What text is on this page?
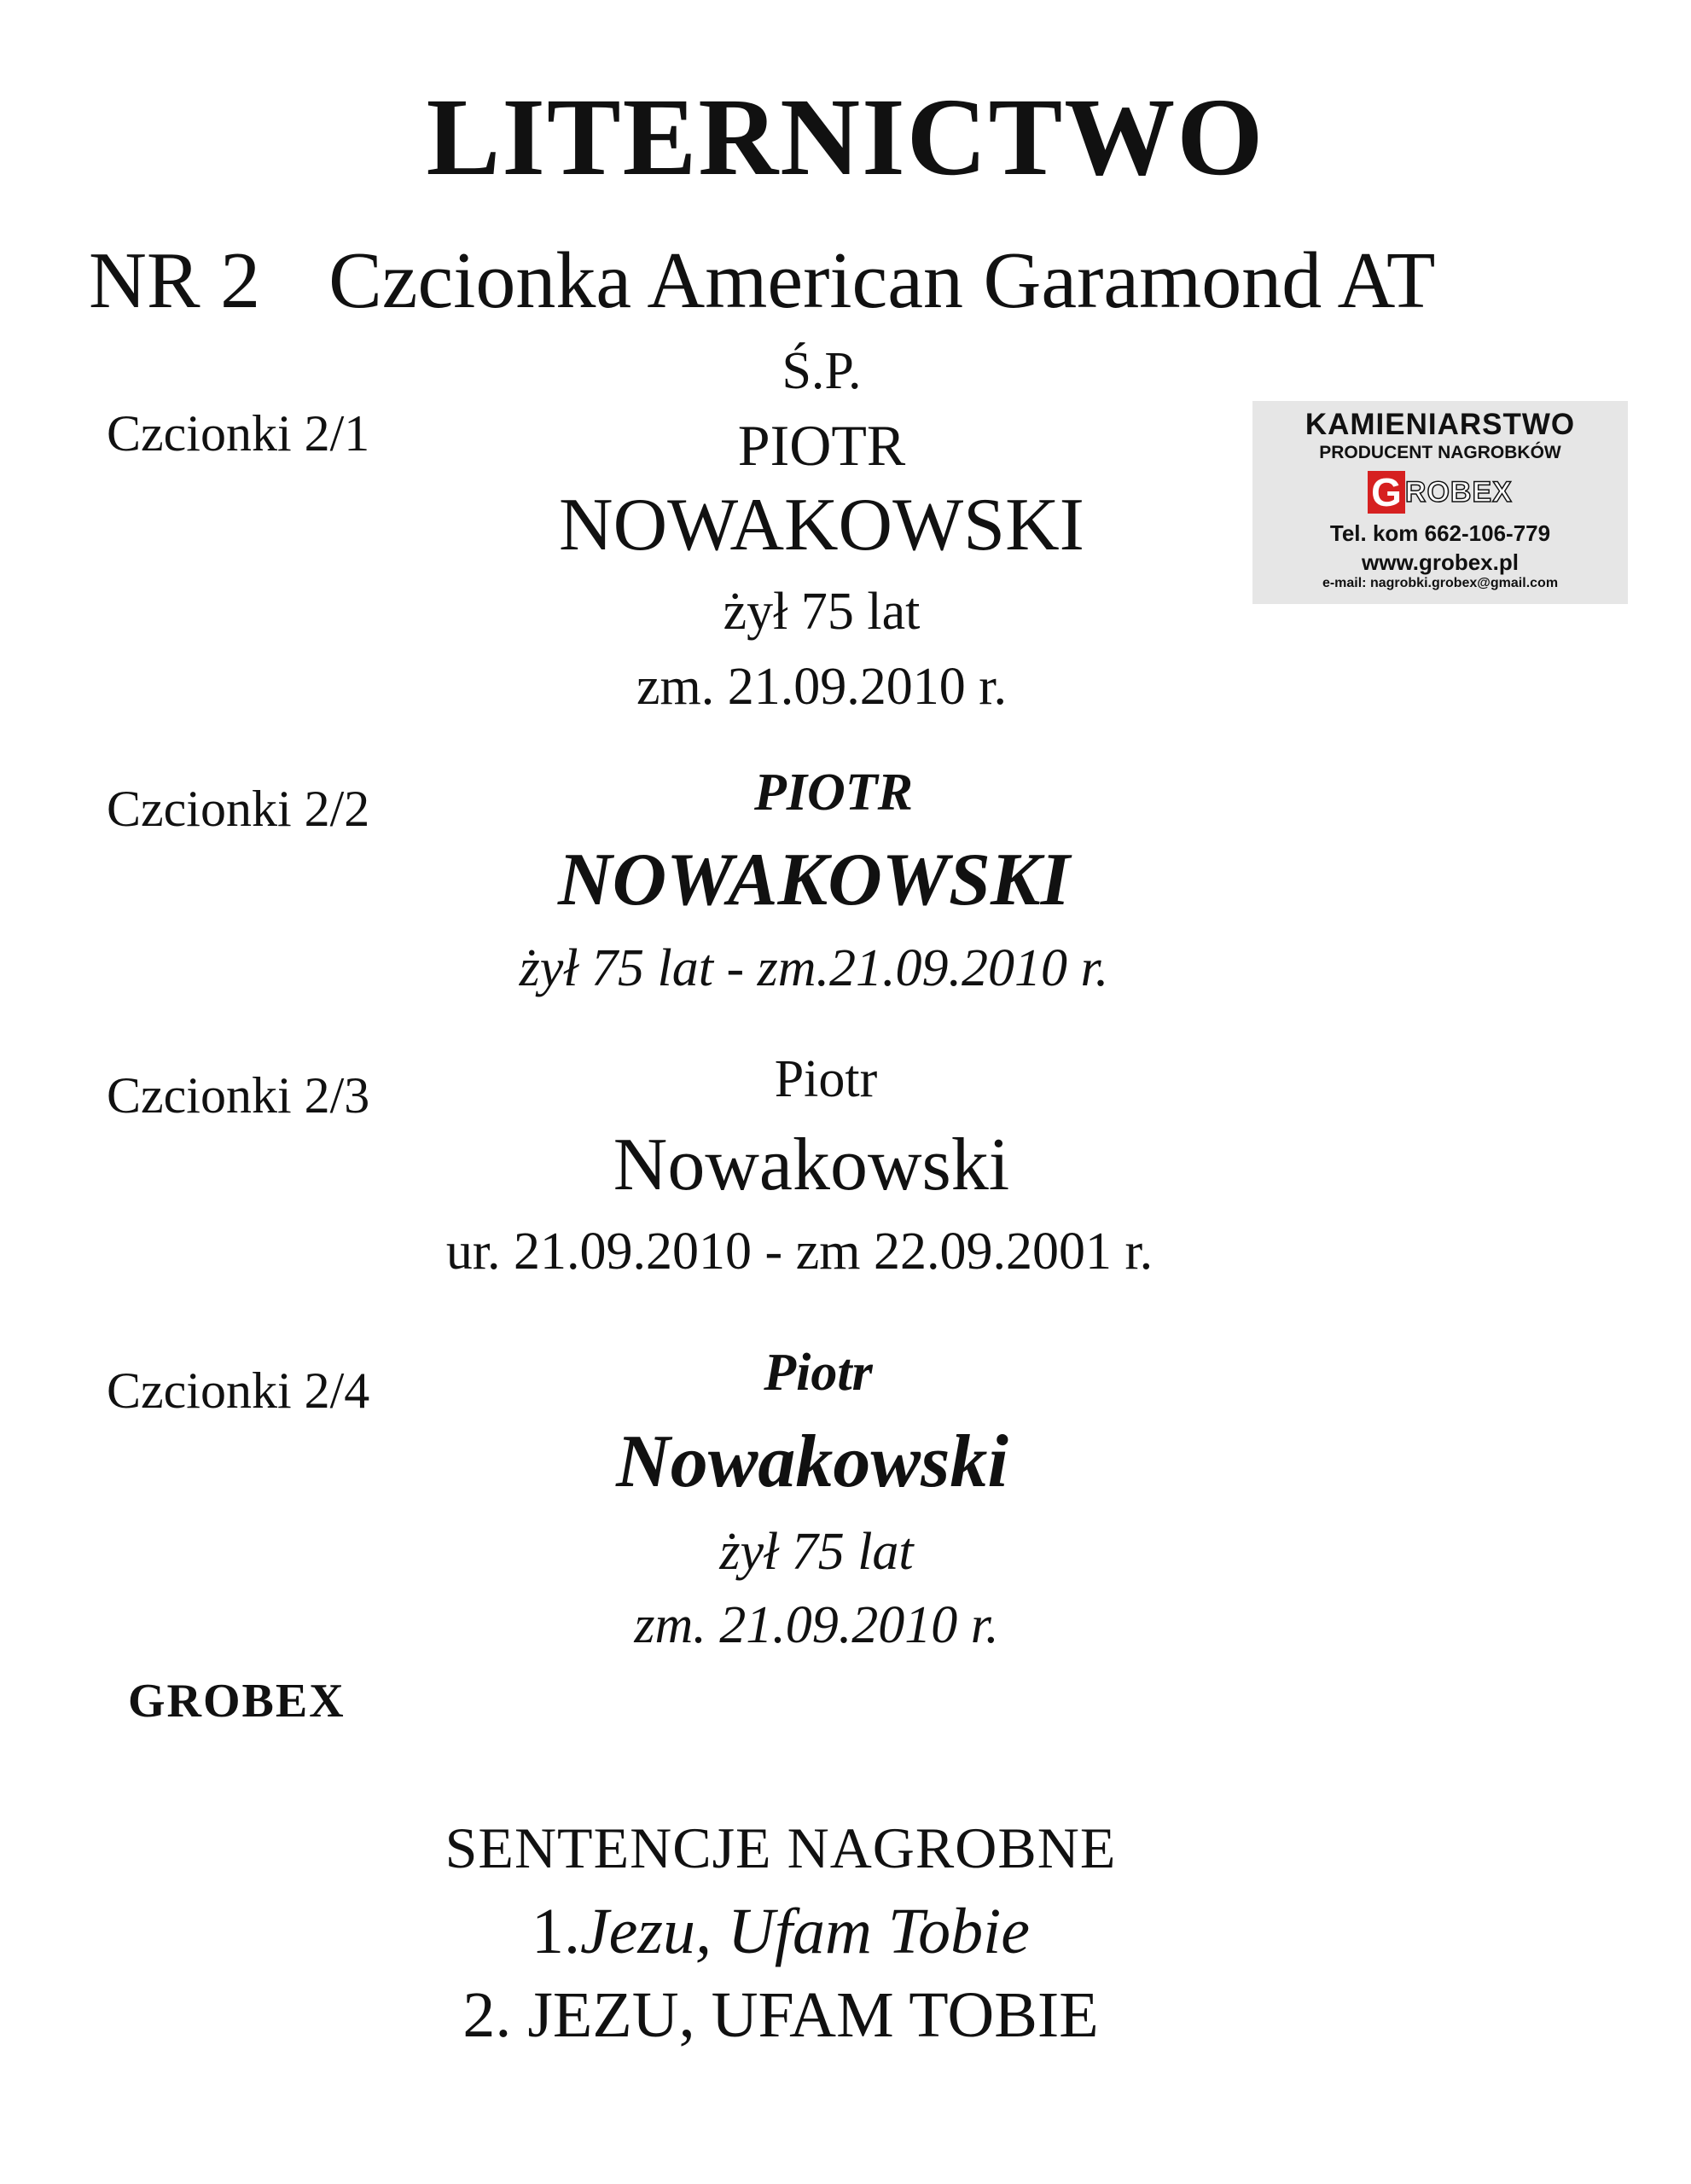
LITERNICTWO
NR 2 Czcionka American Garamond AT
Czcionki 2/1
Ś.P.
PIOTR
NOWAKOWSKI
żył 75 lat
zm. 21.09.2010 r.
KAMIENIARSTWO
PRODUCENT NAGROBKÓW
G ROBEX
Tel. kom 662-106-779
www.grobex.pl
e-mail: nagrobki.grobex@gmail.com
Czcionki 2/2	PIOTR
NOWAKOWSKI
żył 75 lat - zm.21.09.2010 r.
Czcionki 2/3	Piotr
Nowakowski
ur. 21.09.2010 - zm 22.09.2001 r.
Czcionki 2/4	Piotr
Nowakowski
żył 75 lat
zm. 21.09.2010 r.
GROBEX
SENTENCJE NAGROBNE
1.Jezu, Ufam Tobie
2. JEZU, UFAM TOBIE
